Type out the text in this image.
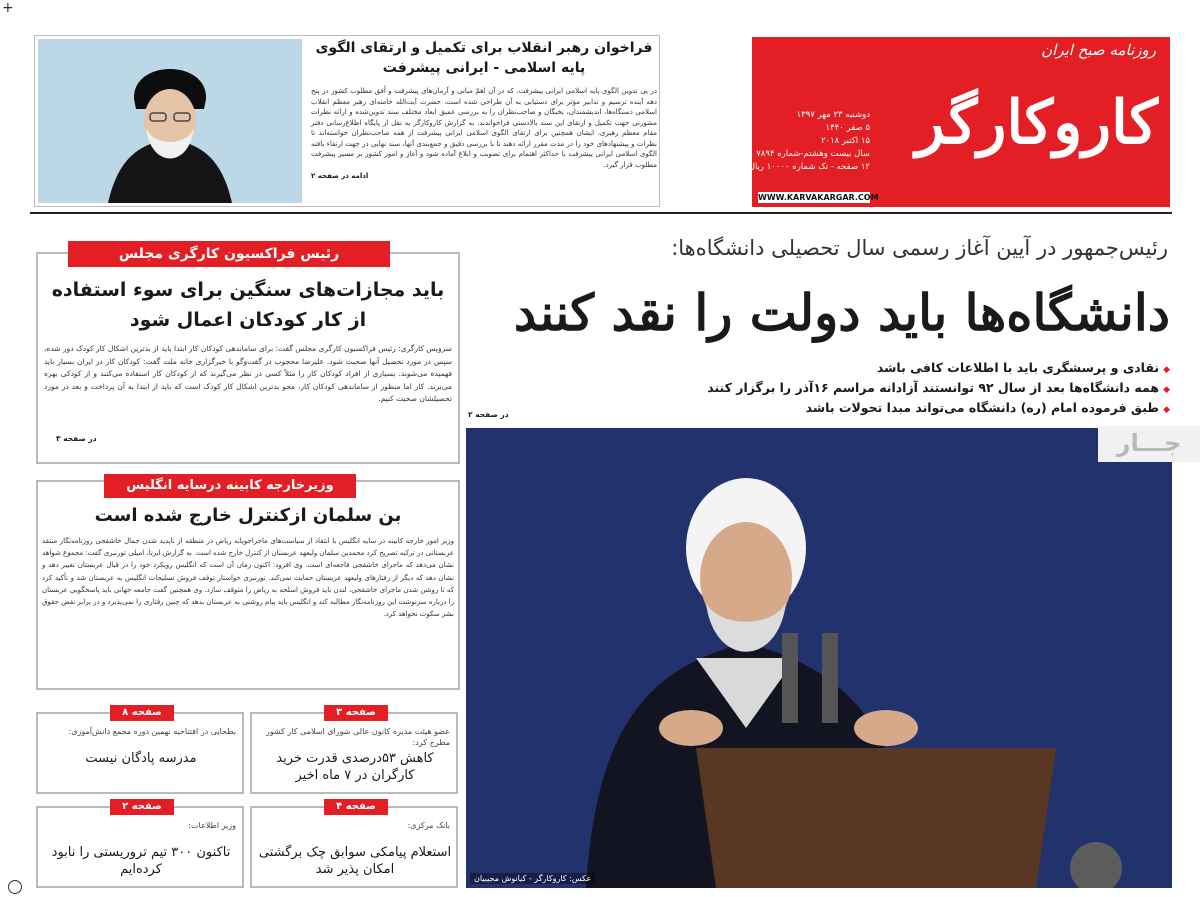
+
روزنامه صبح ایران
کاروکارگر
دوشنبه ۲۳ مهر ۱۳۹۷
۵ صفر ۱۴۴۰
۱۵ اکتبر ۲۰۱۸
سال بیست وهشتم-شماره ۷۸۹۴
۱۲ صفحه - تک شماره ۱۰۰۰۰ ریال
WWW.KARVAKARGAR.COM
فراخوان رهبر انقلاب برای تکمیل و ارتقای الگوی پایه اسلامی - ایرانی پیشرفت
در پی تدوین الگوی پایه اسلامی ایرانی پیشرفت، که در آن اهمّ مبانی و آرمان‌های پیشرفت و اُفق مطلوب کشور در پنج دهه آینده ترسیم و تدابیر مؤثر برای دستیابی به آن طراحی شده است، حضرت آیت‌الله خامنه‌ای رهبر معظم انقلاب اسلامی دستگاه‌ها، اندیشمندان، نخبگان و صاحب‌نظران را به بررسی عمیق ابعاد مختلف سند تدوین‌شده و ارائه نظرات مشورتی جهت تکمیل و ارتقای این سند بالادستی فراخواندند. به گزارش کاروکارگر به نقل از پایگاه اطلاع‌رسانی دفتر مقام معظم رهبری، ایشان همچنین برای ارتقای الگوی اسلامی ایرانی پیشرفت از همه صاحب‌نظران خواسته‌اند تا نظرات و پیشنهادهای خود را در مدت مقرر ارائه دهند تا با بررسی دقیق و جمع‌بندی آنها، سند نهایی در جهت ارتقاء یافته الگوی اسلامی ایرانی پیشرفت با حداکثر اهتمام برای تصویب و ابلاغ آماده شود و آغاز و امور کشور بر مسیر پیشرفت مطلوب قرار گیرد.
ادامه در صفحه ۲
رئیس‌جمهور در آیین آغاز رسمی سال تحصیلی دانشگاه‌ها:
دانشگاه‌ها باید دولت را نقد کنند
◆ نقادی و پرسشگری باید با اطلاعات کافی باشد
◆ همه دانشگاه‌ها بعد از سال ۹۲ توانستند آزادانه مراسم ۱۶آذر را برگزار کنند
◆ طبق فرموده امام (ره) دانشگاه می‌تواند مبدا تحولات باشد
در صفحه ۲
عکس: کاروکارگر - کیانوش مجیبیان
جـــار
رئیس فراکسیون کارگری مجلس
باید مجازات‌های سنگین برای سوء استفاده از کار کودکان اعمال شود
سرویس کارگری: رئیس فراکسیون کارگری مجلس گفت: برای ساماندهی کودکان کار ابتدا باید از بدترین اشکال کار کودک دور شده، سپس در مورد تحصیل آنها صحبت شود. علیرضا محجوب در گفت‌وگو با خبرگزاری خانه ملت گفت: کودکان کار در ایران بسیار باید فهمیده می‌شوند. بسیاری از افراد کودکان کار را مثلاً کسی در نظر می‌گیرند که از کودکان کار استفاده می‌کنند و از کودکی بهره می‌برند. کار اما منظور از ساماندهی کودکان کار، محو بدترین اشکال کار کودک است که باید از ابتدا به آن پرداخت و بعد در مورد تحصیلشان صحبت کنیم.
در صفحه ۳
وزیرخارجه کابینه درسایه انگلیس
بن سلمان ازکنترل خارج شده است
وزیر امور خارجه کابینه در سایه انگلیس با انتقاد از سیاست‌های ماجراجویانه ریاض در منطقه از ناپدید شدن جمال خاشقجی روزنامه‌نگار منتقد عربستانی در ترکیه تصریح کرد محمدبن سلمان ولیعهد عربستان از کنترل خارج شده است. به گزارش ایرنا، امیلی تورنبری گفت: مجموع شواهد نشان می‌دهد که ماجرای خاشقجی فاجعه‌ای است. وی افزود: اکنون زمان آن است که انگلیس رویکرد خود را در قبال عربستان تغییر دهد و نشان دهد که دیگر از رفتارهای ولیعهد عربستان حمایت نمی‌کند. تورنبری خواستار توقف فروش تسلیحات انگلیس به عربستان شد و تأکید کرد که تا روشن شدن ماجرای خاشقجی، لندن باید فروش اسلحه به ریاض را متوقف سازد. وی همچنین گفت جامعه جهانی باید پاسخگویی عربستان را درباره سرنوشت این روزنامه‌نگار مطالبه کند و انگلیس باید پیام روشنی به عربستان بدهد که چنین رفتاری را نمی‌پذیرد و در برابر نقض حقوق بشر سکوت نخواهد کرد.
صفحه ۳
عضو هیئت مدیره کانون عالی شورای اسلامی کار کشور مطرح کرد:
کاهش ۵۳درصدی قدرت خرید کارگران در ۷ ماه اخیر
صفحه ۸
بطحایی در افتتاحیه نهمین دوره مجمع دانش‌آموزی:
مدرسه پادگان نیست
صفحه ۴
بانک مرکزی:
استعلام پیامکی سوابق چک برگشتی امکان پذیر شد
صفحه ۲
وزیر اطلاعات:
تاکنون ۳۰۰ تیم تروریستی را نابود کرده‌ایم
